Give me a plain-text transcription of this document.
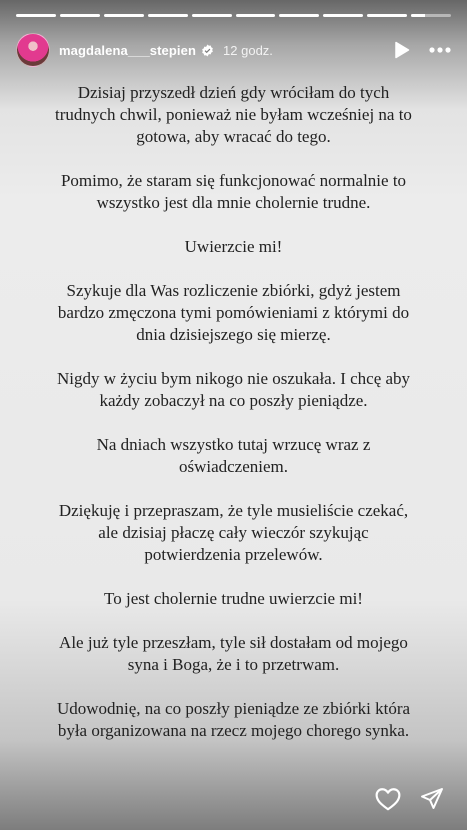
magdalena___stepien 12 godz.

Dzisiaj przyszedł dzień gdy wróciłam do tych trudnych chwil, ponieważ nie byłam wcześniej na to gotowa, aby wracać do tego.

Pomimo, że staram się funkcjonować normalnie to wszystko jest dla mnie cholernie trudne.

Uwierzcie mi!

Szykuje dla Was rozliczenie zbiórki, gdyż jestem bardzo zmęczona tymi pomówieniami z którymi do dnia dzisiejszego się mierzę.

Nigdy w życiu bym nikogo nie oszukała. I chcę aby każdy zobaczył na co poszły pieniądze.

Na dniach wszystko tutaj wrzucę wraz z oświadczeniem.

Dziękuję i przepraszam, że tyle musieliście czekać, ale dzisiaj płaczę cały wieczór szykując potwierdzenia przelewów.

To jest cholernie trudne uwierzcie mi!

Ale już tyle przeszłam, tyle sił dostałam od mojego syna i Boga, że i to przetrwam.

Udowodnię, na co poszły pieniądze ze zbiórki która była organizowana na rzecz mojego chorego synka.
